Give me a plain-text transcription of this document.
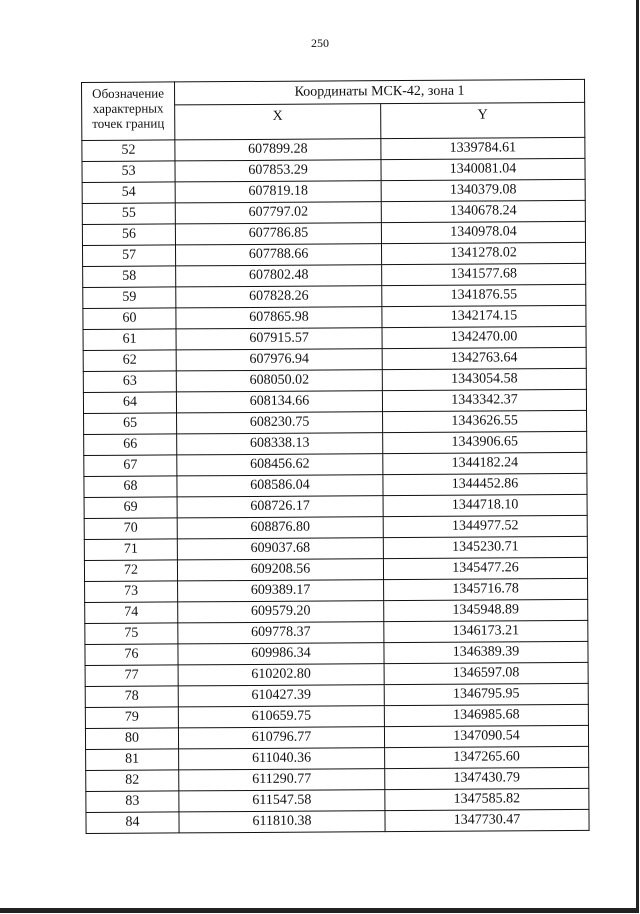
250
Обозначение характерных точек границ	Координаты МСК-42, зона 1	
	X	Y
52	607899.28	1339784.61
53	607853.29	1340081.04
54	607819.18	1340379.08
55	607797.02	1340678.24
56	607786.85	1340978.04
57	607788.66	1341278.02
58	607802.48	1341577.68
59	607828.26	1341876.55
60	607865.98	1342174.15
61	607915.57	1342470.00
62	607976.94	1342763.64
63	608050.02	1343054.58
64	608134.66	1343342.37
65	608230.75	1343626.55
66	608338.13	1343906.65
67	608456.62	1344182.24
68	608586.04	1344452.86
69	608726.17	1344718.10
70	608876.80	1344977.52
71	609037.68	1345230.71
72	609208.56	1345477.26
73	609389.17	1345716.78
74	609579.20	1345948.89
75	609778.37	1346173.21
76	609986.34	1346389.39
77	610202.80	1346597.08
78	610427.39	1346795.95
79	610659.75	1346985.68
80	610796.77	1347090.54
81	611040.36	1347265.60
82	611290.77	1347430.79
83	611547.58	1347585.82
84	611810.38	1347730.47
